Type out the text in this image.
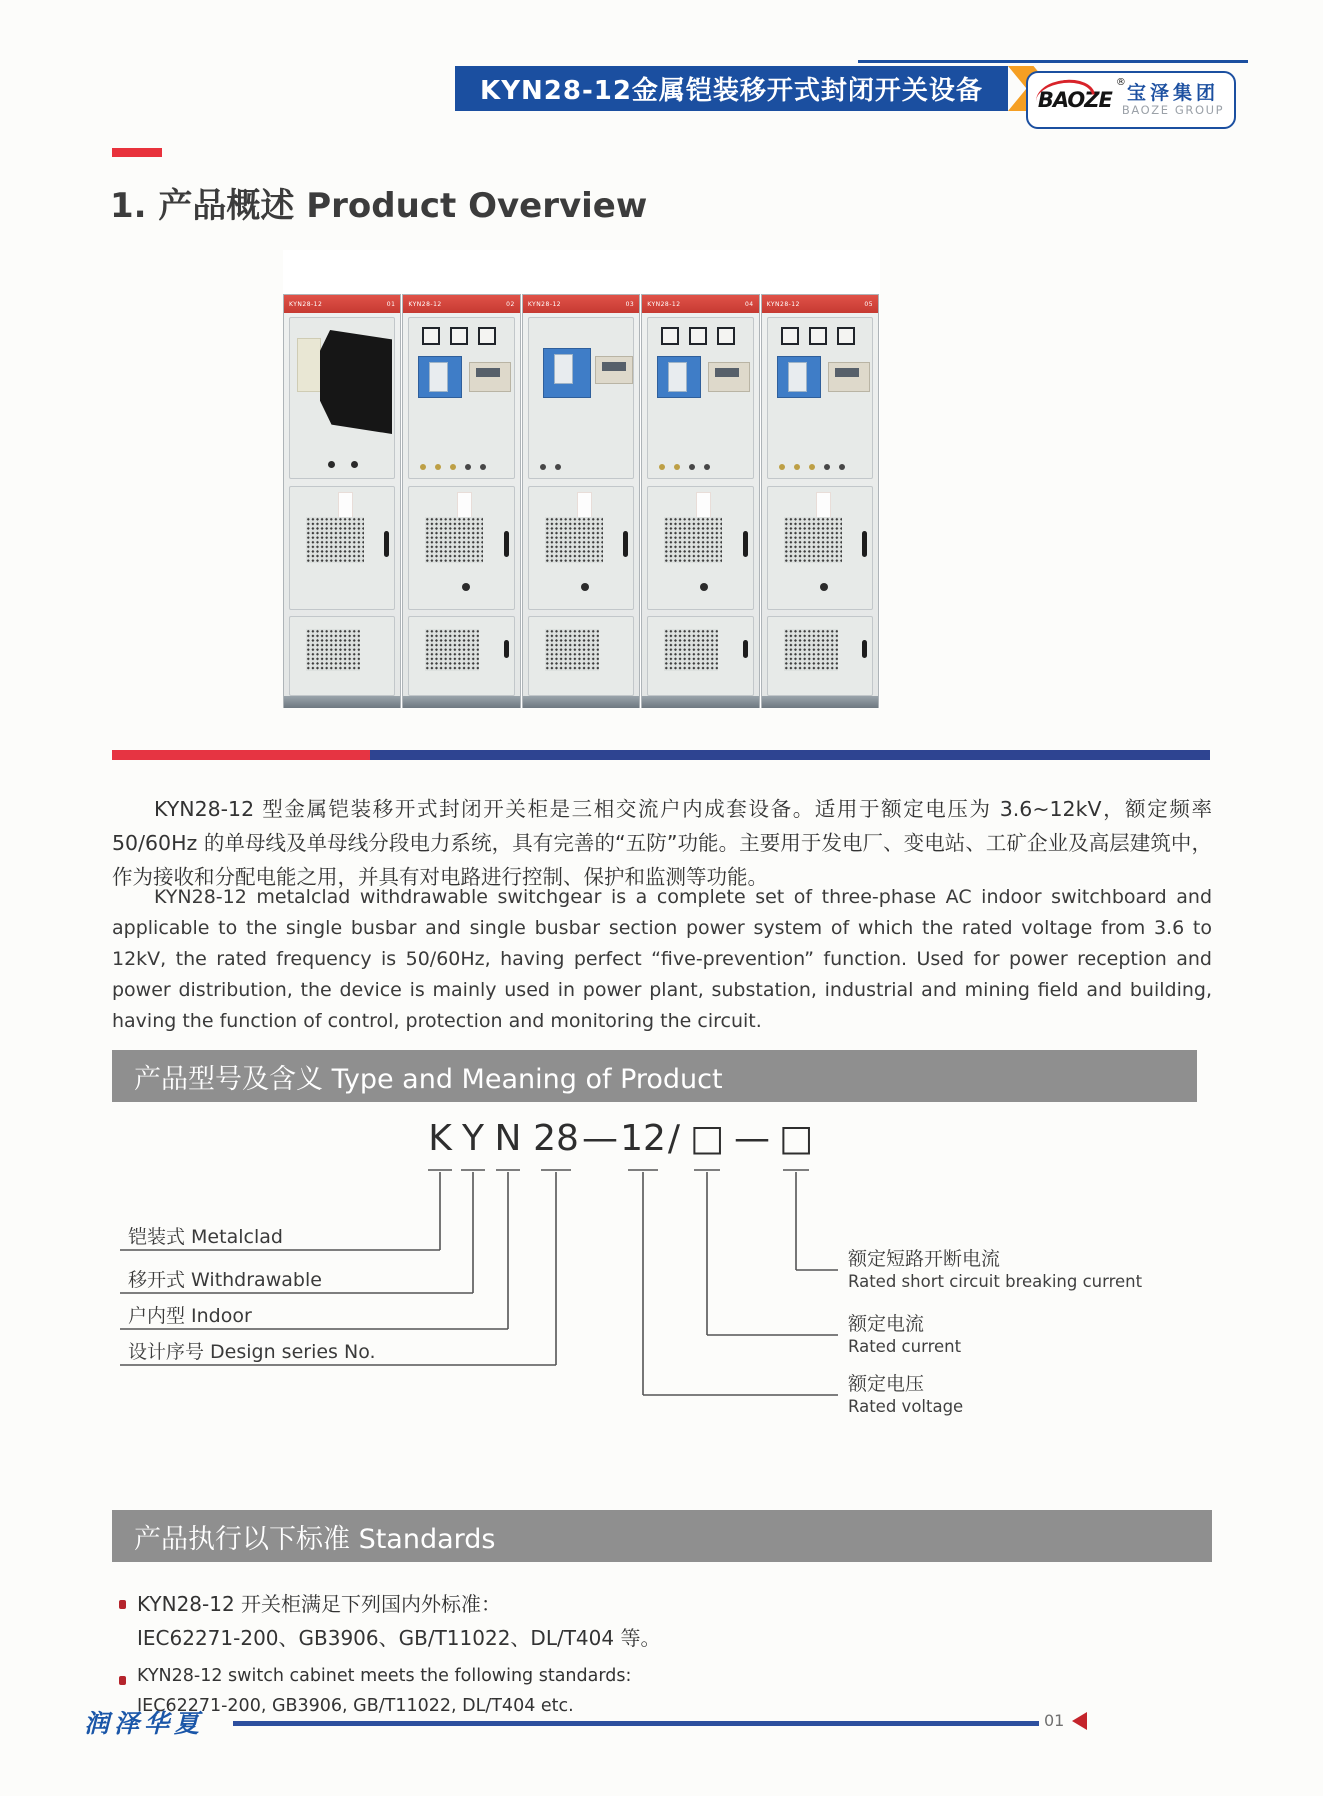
KYN28-12金属铠装移开式封闭开关设备	BAOZE
® 宝泽集团
BAOZE GROUP
1. 产品概述 Product Overview
KYN28-12	01 KYN28-12	02 KYN28-12	03 KYN28-12	04 KYN28-12	05
KYN28-12 型金属铠装移开式封闭开关柜是三相交流户内成套设备。适用于额定电压为 3.6~12kV，额定频率 50/60Hz 的单母线及单母线分段电力系统，具有完善的“五防”功能。主要用于发电厂、变电站、工矿企业及高层建筑中，作为接收和分配电能之用，并具有对电路进行控制、保护和监测等功能。
KYN28-12 metalclad withdrawable switchgear is a complete set of three-phase AC indoor switchboard and applicable to the single busbar and single busbar section power system of which the rated voltage from 3.6 to 12kV, the rated frequency is 50/60Hz, having perfect “five-prevention” function. Used for power reception and power distribution, the device is mainly used in power plant, substation, industrial and mining field and building, having the function of control, protection and monitoring the circuit.
产品型号及含义 Type and Meaning of Product
K Y N 28 — 12 / □ — □
铠装式 Metalclad
移开式 Withdrawable
户内型 Indoor
设计序号 Design series No.
额定短路开断电流
Rated short circuit breaking current
额定电流
Rated current
额定电压
Rated voltage
产品执行以下标准 Standards
KYN28-12 开关柜满足下列国内外标准：
IEC62271-200、GB3906、GB/T11022、DL/T404 等。
KYN28-12 switch cabinet meets the following standards:
IEC62271-200, GB3906, GB/T11022, DL/T404 etc.
润泽华夏	01
